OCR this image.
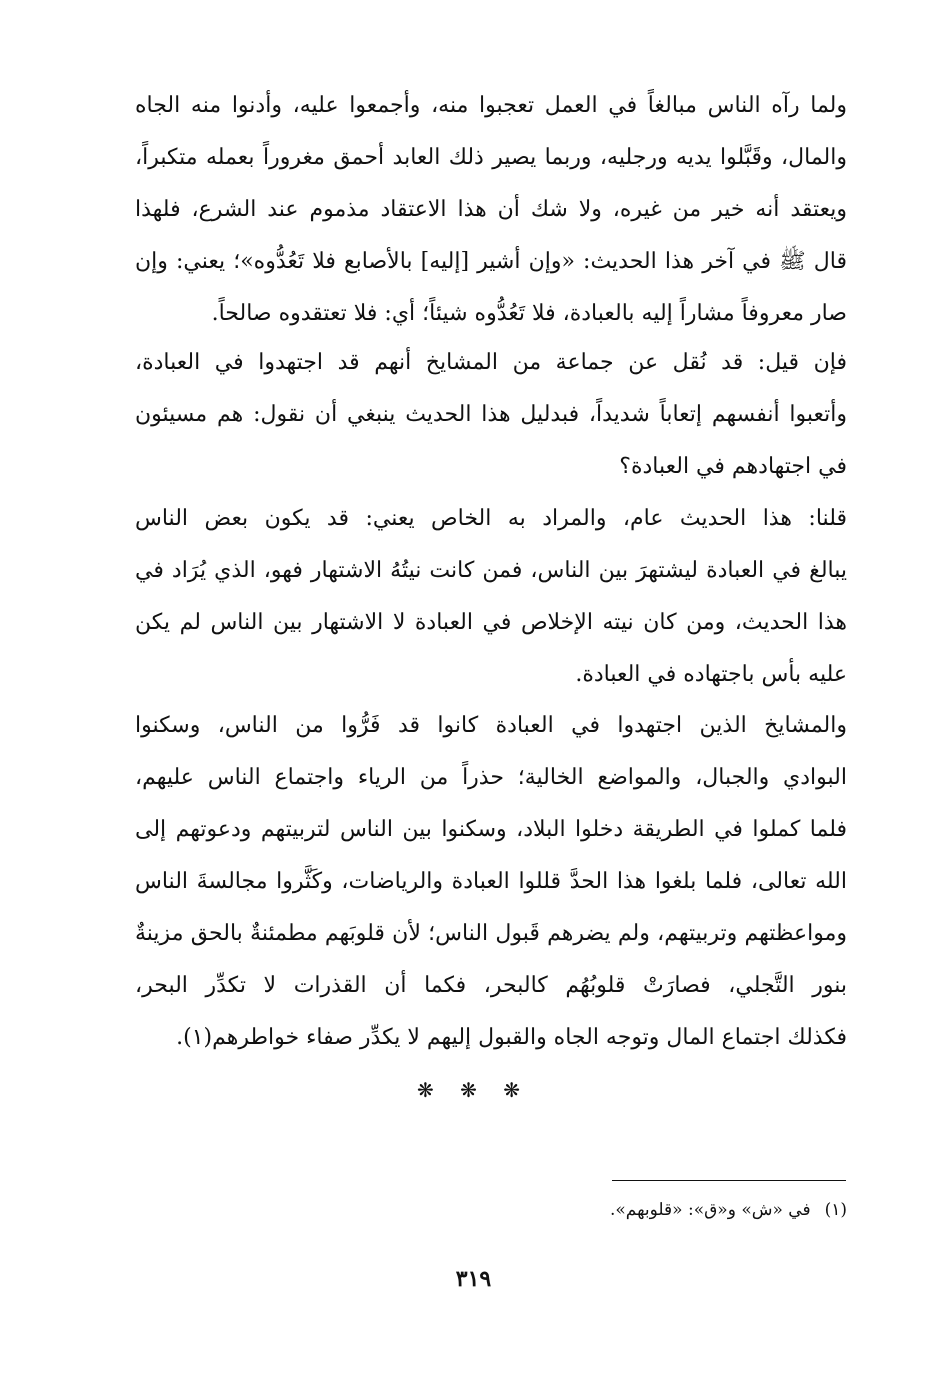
ولما رآه الناس مبالغاً في العمل تعجبوا منه، وأجمعوا عليه، وأدنوا منه الجاه
والمال، وقَبَّلوا يديه ورجليه، وربما يصير ذلك العابد أحمق مغروراً بعمله متكبراً،
ويعتقد أنه خير من غيره، ولا شك أن هذا الاعتقاد مذموم عند الشرع، فلهذا
قال ﷺ في آخر هذا الحديث: «وإن أشير [إليه] بالأصابع فلا تَعُدُّوه»؛ يعني: وإن
صار معروفاً مشاراً إليه بالعبادة، فلا تَعُدُّوه شيئاً؛ أي: فلا تعتقدوه صالحاً.
فإن قيل: قد نُقل عن جماعة من المشايخ أنهم قد اجتهدوا في العبادة،
وأتعبوا أنفسهم إتعاباً شديداً، فبدليل هذا الحديث ينبغي أن نقول: هم مسيئون
في اجتهادهم في العبادة؟
قلنا: هذا الحديث عام، والمراد به الخاص يعني: قد يكون بعض الناس
يبالغ في العبادة ليشتهرَ بين الناس، فمن كانت نيتُهُ الاشتهار فهو، الذي يُرَاد في
هذا الحديث، ومن كان نيته الإخلاص في العبادة لا الاشتهار بين الناس لم يكن
عليه بأس باجتهاده في العبادة.
والمشايخ الذين اجتهدوا في العبادة كانوا قد فَرُّوا من الناس، وسكنوا
البوادي والجبال، والمواضع الخالية؛ حذراً من الرياء واجتماع الناس عليهم،
فلما كملوا في الطريقة دخلوا البلاد، وسكنوا بين الناس لتربيتهم ودعوتهم إلى
الله تعالى، فلما بلغوا هذا الحدَّ قللوا العبادة والرياضات، وكَثَّروا مجالسةَ الناس
ومواعظتهم وتربيتهم، ولم يضرهم قَبول الناس؛ لأن قلوبَهم مطمئنةٌ بالحق مزينةٌ
بنور التَّجلي، فصارَتْ قلوبُهُم كالبحر، فكما أن القذرات لا تكدِّر البحر،
فكذلك اجتماع المال وتوجه الجاه والقبول إليهم لا يكدِّر صفاء خواطرهم(١).
❋ ❋ ❋
(١)في «ش» و«ق»: «قلوبهم».
٣١٩
